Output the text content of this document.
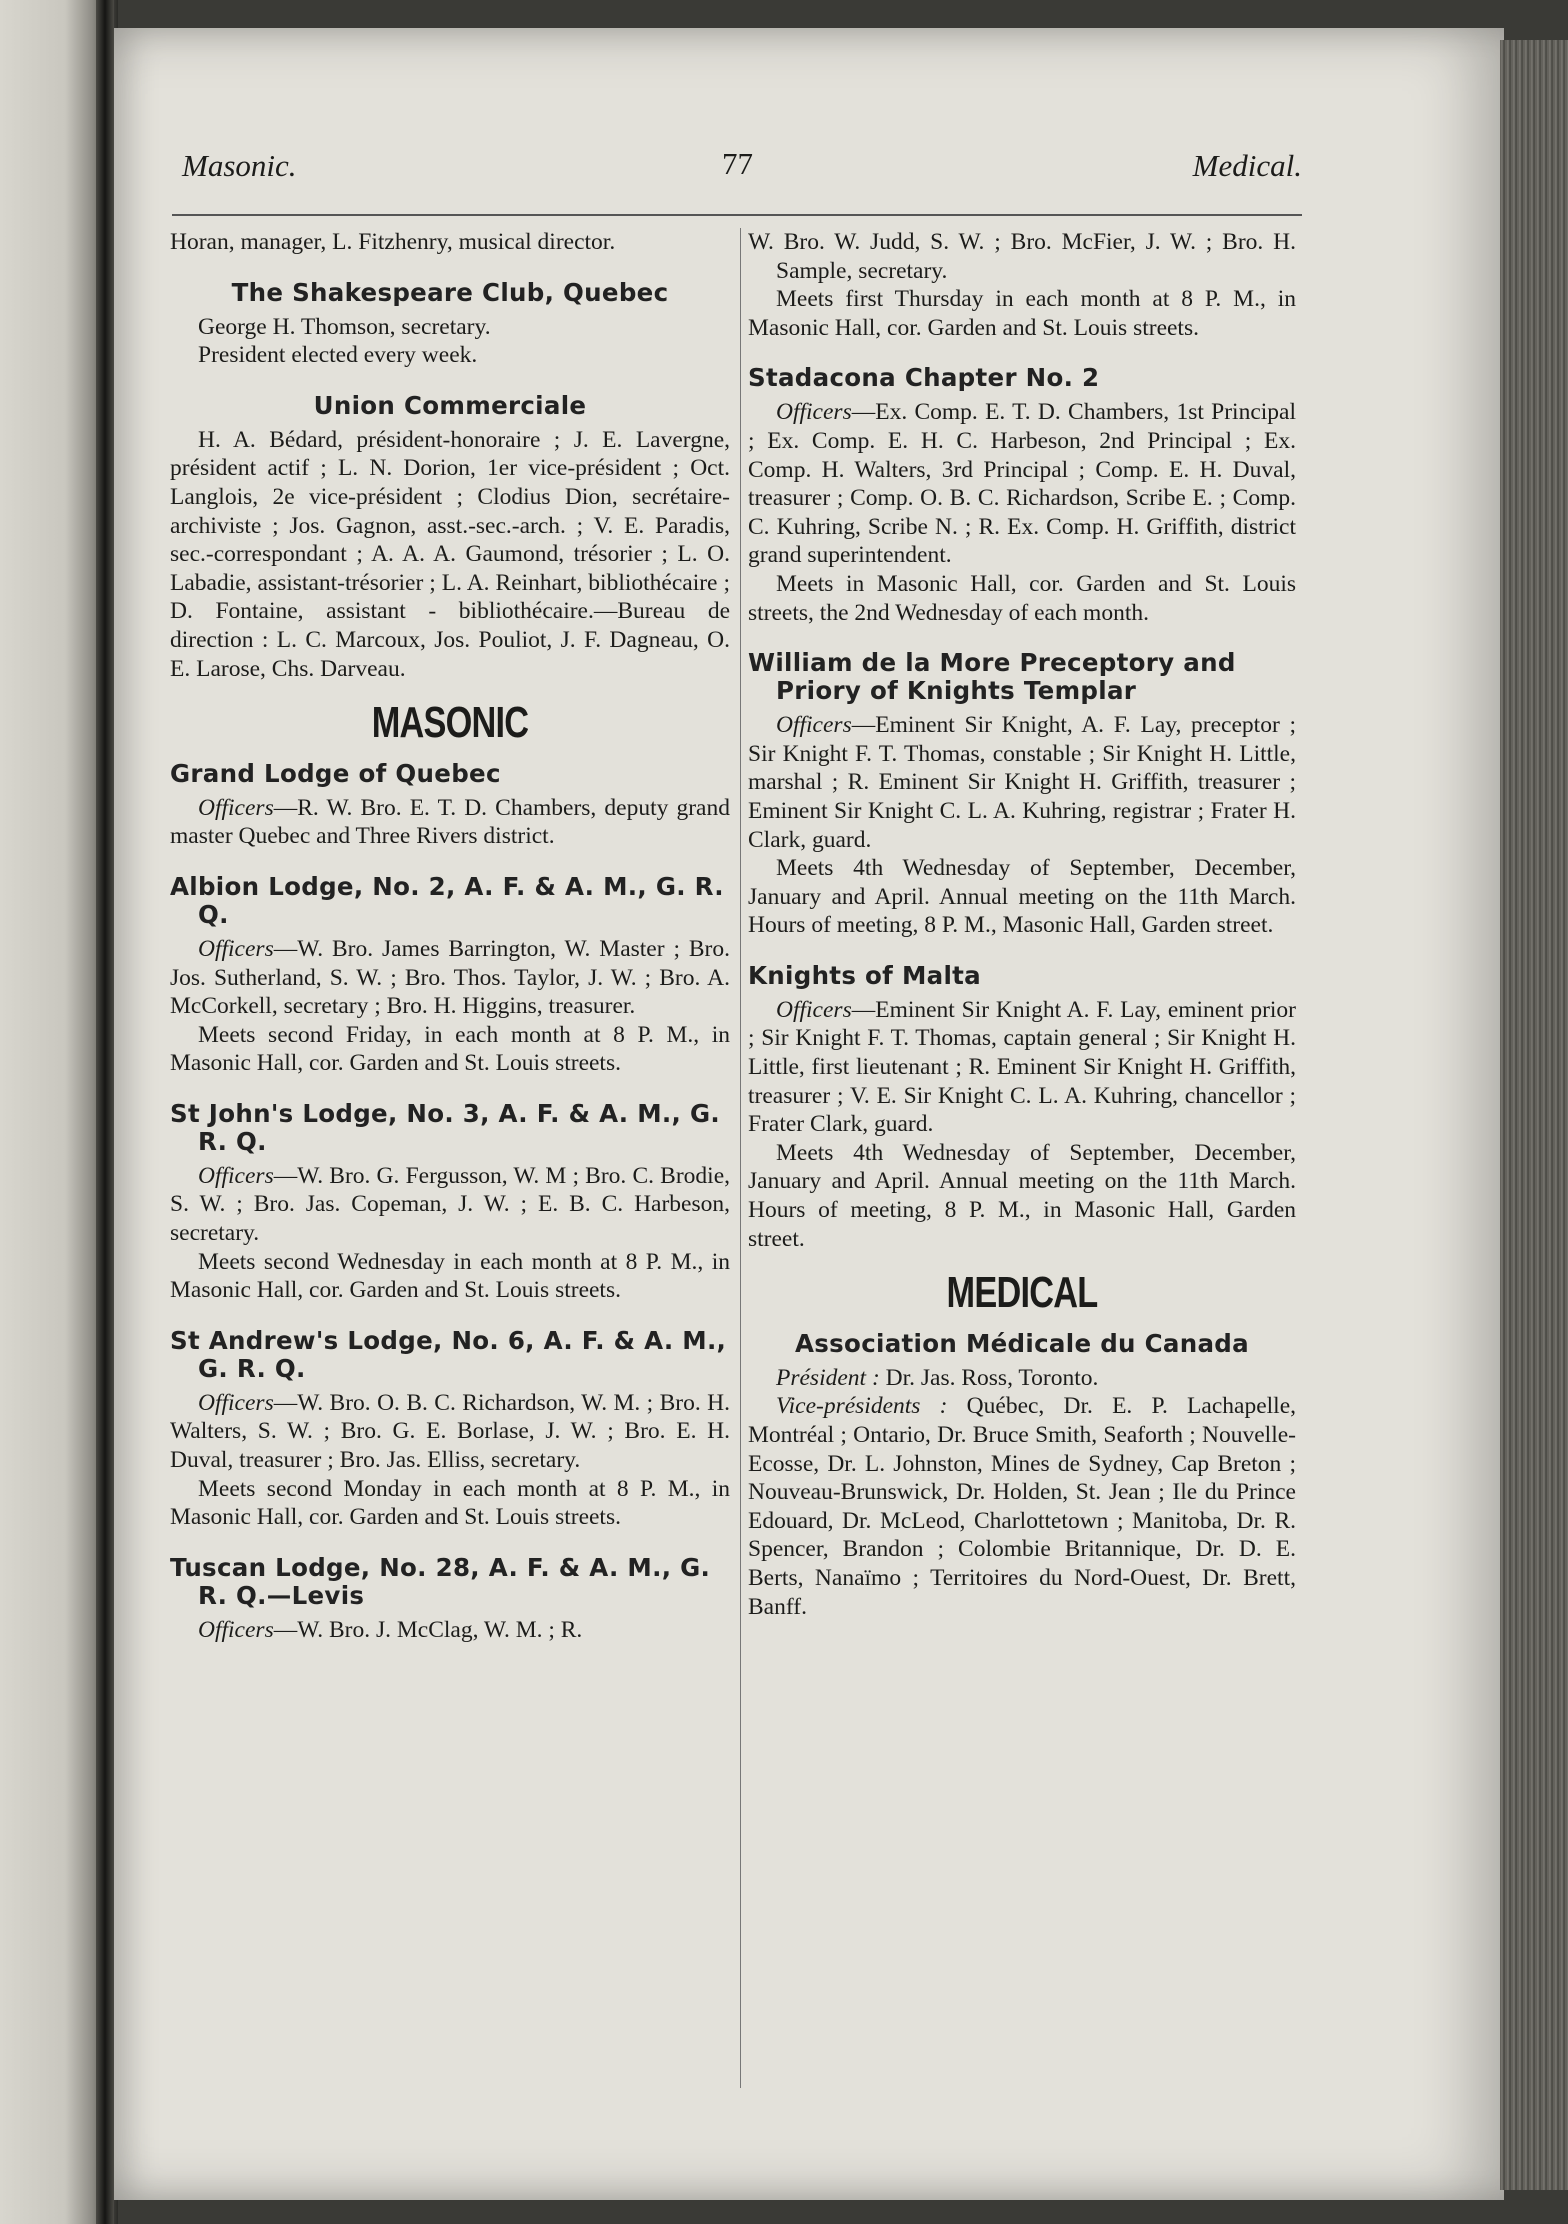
Masonic.	77	Medical.

Horan, manager, L. Fitzhenry, musical director.

The Shakespeare Club, Quebec

George H. Thomson, secretary.

President elected every week.

Union Commerciale

H. A. Bédard, président-honoraire ; J. E. Lavergne, président actif ; L. N. Dorion, 1er vice-président ; Oct. Langlois, 2e vice-président ; Clodius Dion, secrétaire-archiviste ; Jos. Gagnon, asst.-sec.-arch. ; V. E. Paradis, sec.-correspondant ; A. A. A. Gaumond, trésorier ; L. O. Labadie, assistant-trésorier ; L. A. Reinhart, bibliothécaire ; D. Fontaine, assistant - bibliothécaire.—Bureau de direction : L. C. Marcoux, Jos. Pouliot, J. F. Dagneau, O. E. Larose, Chs. Darveau.

MASONIC
Grand Lodge of Quebec

Officers—R. W. Bro. E. T. D. Chambers, deputy grand master Quebec and Three Rivers district.

Albion Lodge, No. 2, A. F. & A. M., G. R. Q.

Officers—W. Bro. James Barrington, W. Master ; Bro. Jos. Sutherland, S. W. ; Bro. Thos. Taylor, J. W. ; Bro. A. McCorkell, secretary ; Bro. H. Higgins, treasurer.

Meets second Friday, in each month at 8 P. M., in Masonic Hall, cor. Garden and St. Louis streets.

St John's Lodge, No. 3, A. F. & A. M., G. R. Q.

Officers—W. Bro. G. Fergusson, W. M ; Bro. C. Brodie, S. W. ; Bro. Jas. Copeman, J. W. ; E. B. C. Harbeson, secretary.

Meets second Wednesday in each month at 8 P. M., in Masonic Hall, cor. Garden and St. Louis streets.

St Andrew's Lodge, No. 6, A. F. & A. M., G. R. Q.

Officers—W. Bro. O. B. C. Richardson, W. M. ; Bro. H. Walters, S. W. ; Bro. G. E. Borlase, J. W. ; Bro. E. H. Duval, treasurer ; Bro. Jas. Elliss, secretary.

Meets second Monday in each month at 8 P. M., in Masonic Hall, cor. Garden and St. Louis streets.

Tuscan Lodge, No. 28, A. F. & A. M., G. R. Q.—Levis

Officers—W. Bro. J. McClag, W. M. ; R.

W. Bro. W. Judd, S. W. ; Bro. McFier, J. W. ; Bro. H. Sample, secretary.

Meets first Thursday in each month at 8 P. M., in Masonic Hall, cor. Garden and St. Louis streets.

Stadacona Chapter No. 2

Officers—Ex. Comp. E. T. D. Chambers, 1st Principal ; Ex. Comp. E. H. C. Harbeson, 2nd Principal ; Ex. Comp. H. Walters, 3rd Principal ; Comp. E. H. Duval, treasurer ; Comp. O. B. C. Richardson, Scribe E. ; Comp. C. Kuhring, Scribe N. ; R. Ex. Comp. H. Griffith, district grand superintendent.

Meets in Masonic Hall, cor. Garden and St. Louis streets, the 2nd Wednesday of each month.

William de la More Preceptory and Priory of Knights Templar

Officers—Eminent Sir Knight, A. F. Lay, preceptor ; Sir Knight F. T. Thomas, constable ; Sir Knight H. Little, marshal ; R. Eminent Sir Knight H. Griffith, treasurer ; Eminent Sir Knight C. L. A. Kuhring, registrar ; Frater H. Clark, guard.

Meets 4th Wednesday of September, December, January and April. Annual meeting on the 11th March. Hours of meeting, 8 P. M., Masonic Hall, Garden street.

Knights of Malta

Officers—Eminent Sir Knight A. F. Lay, eminent prior ; Sir Knight F. T. Thomas, captain general ; Sir Knight H. Little, first lieutenant ; R. Eminent Sir Knight H. Griffith, treasurer ; V. E. Sir Knight C. L. A. Kuhring, chancellor ; Frater Clark, guard.

Meets 4th Wednesday of September, December, January and April. Annual meeting on the 11th March. Hours of meeting, 8 P. M., in Masonic Hall, Garden street.

MEDICAL
Association Médicale du Canada

Président : Dr. Jas. Ross, Toronto.

Vice-présidents : Québec, Dr. E. P. Lachapelle, Montréal ; Ontario, Dr. Bruce Smith, Seaforth ; Nouvelle-Ecosse, Dr. L. Johnston, Mines de Sydney, Cap Breton ; Nouveau-Brunswick, Dr. Holden, St. Jean ; Ile du Prince Edouard, Dr. McLeod, Charlottetown ; Manitoba, Dr. R. Spencer, Brandon ; Colombie Britannique, Dr. D. E. Berts, Nanaïmo ; Territoires du Nord-Ouest, Dr. Brett, Banff.
